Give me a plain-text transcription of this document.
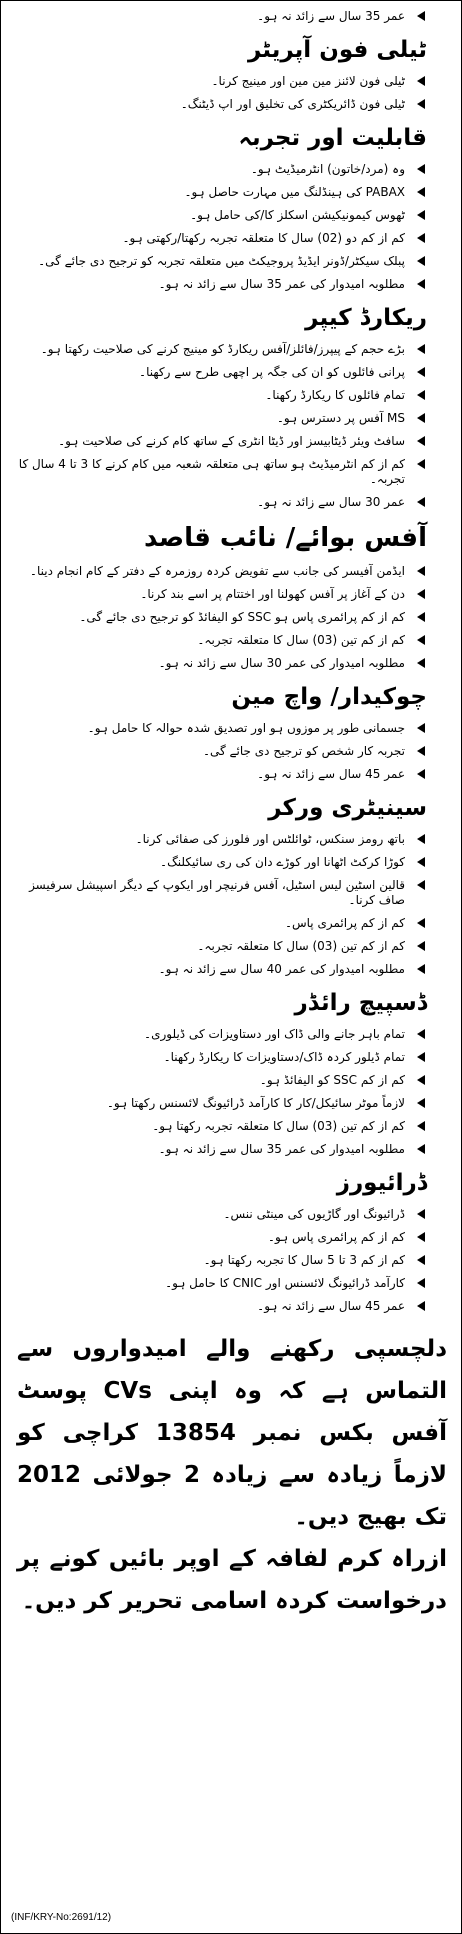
عمر 35 سال سے زائد نہ ہو۔
ٹیلی فون آپریٹر
ٹیلی فون لائنز مین مین اور مینیج کرنا۔
ٹیلی فون ڈائریکٹری کی تخلیق اور اپ ڈیٹنگ۔
قابلیت اور تجربہ
وہ (مرد/خاتون) انٹرمیڈیٹ ہو۔
PABAX کی ہینڈلنگ میں مہارت حاصل ہو۔
ٹھوس کیمونیکیشن اسکلز کا/کی حامل ہو۔
کم از کم دو (02) سال کا متعلقہ تجربہ رکھتا/رکھتی ہو۔
پبلک سیکٹر/ڈونر ایڈیڈ پروجیکٹ میں متعلقہ تجربہ کو ترجیح دی جائے گی۔
مطلوبہ امیدوار کی عمر 35 سال سے زائد نہ ہو۔
ریکارڈ کیپر
بڑے حجم کے پیپرز/فائلز/آفس ریکارڈ کو مینیج کرنے کی صلاحیت رکھتا ہو۔
پرانی فائلوں کو ان کی جگہ پر اچھی طرح سے رکھنا۔
تمام فائلوں کا ریکارڈ رکھنا۔
MS آفس پر دسترس ہو۔
سافٹ ویئر ڈیٹابیسز اور ڈیٹا انٹری کے ساتھ کام کرنے کی صلاحیت ہو۔
کم از کم انٹرمیڈیٹ ہو ساتھ ہی متعلقہ شعبہ میں کام کرنے کا 3 تا 4 سال کا تجربہ۔
عمر 30 سال سے زائد نہ ہو۔
آفس بوائے/ نائب قاصد
ایڈمن آفیسر کی جانب سے تفویض کردہ روزمرہ کے دفتر کے کام انجام دینا۔
دن کے آغاز پر آفس کھولنا اور اختتام پر اسے بند کرنا۔
کم از کم پرائمری پاس ہو SSC کو الیفائڈ کو ترجیح دی جائے گی۔
کم از کم تین (03) سال کا متعلقہ تجربہ۔
مطلوبہ امیدوار کی عمر 30 سال سے زائد نہ ہو۔
چوکیدار/ واچ مین
جسمانی طور پر موزوں ہو اور تصدیق شدہ حوالہ کا حامل ہو۔
تجربہ کار شخص کو ترجیح دی جائے گی۔
عمر 45 سال سے زائد نہ ہو۔
سینیٹری ورکر
باتھ رومز سنکس، ٹوائلٹس اور فلورز کی صفائی کرنا۔
کوڑا کرکٹ اٹھانا اور کوڑے دان کی ری سائیکلنگ۔
قالین اسٹین لیس اسٹیل، آفس فرنیچر اور ایکوپ کے دیگر اسپیشل سرفیسز صاف کرنا۔
کم از کم پرائمری پاس۔
کم از کم تین (03) سال کا متعلقہ تجربہ۔
مطلوبہ امیدوار کی عمر 40 سال سے زائد نہ ہو۔
ڈسپیچ رائڈر
تمام باہر جانے والی ڈاک اور دستاویزات کی ڈیلوری۔
تمام ڈیلور کردہ ڈاک/دستاویزات کا ریکارڈ رکھنا۔
کم از کم SSC کو الیفائڈ ہو۔
لازماً موٹر سائیکل/کار کا کارآمد ڈرائیونگ لائسنس رکھتا ہو۔
کم از کم تین (03) سال کا متعلقہ تجربہ رکھتا ہو۔
مطلوبہ امیدوار کی عمر 35 سال سے زائد نہ ہو۔
ڈرائیورز
ڈرائیونگ اور گاڑیوں کی مینٹی ننس۔
کم از کم پرائمری پاس ہو۔
کم از کم 3 تا 5 سال کا تجربہ رکھتا ہو۔
کارآمد ڈرائیونگ لائسنس اور CNIC کا حامل ہو۔
عمر 45 سال سے زائد نہ ہو۔

دلچسپی رکھنے والے امیدواروں سے التماس ہے کہ وہ اپنی CVs پوسٹ آفس بکس نمبر 13854 کراچی کو لازماً زیادہ سے زیادہ 2 جولائی 2012 تک بھیج دیں۔

ازراہ کرم لفافہ کے اوپر بائیں کونے پر درخواست کردہ اسامی تحریر کر دیں۔

(INF/KRY-No:2691/12)
